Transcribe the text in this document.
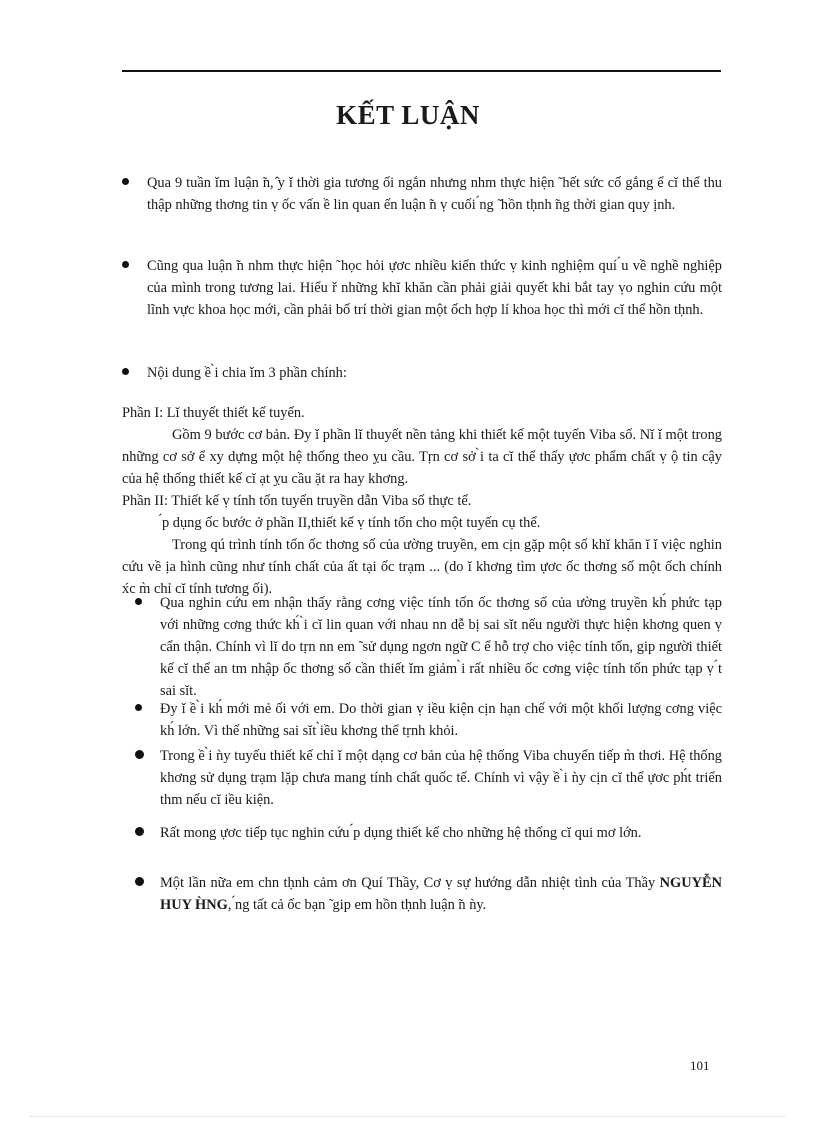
KẾT LUẬN
Qua 9 tuần ǐm luận ̃n, ̂y ǐ thời gia tương ối ngắn nhưng nhm thực hiện ̃ hết sức cố gắng ể cĭ thể thu thập những thơng tin ṿ ốc vấn ề lin quan ến luận ̃n ṿ cuối ́ng ̃ hồn tḥnh ̃ng thời gian quy ịnh.
Cũng qua luận ̃n nhm thực hiện ̃ học hỏi ựơc nhiều kiến thức ṿ kinh nghiệm quí ́u về nghề nghiệp của mình trong tương lai. Hiểu ř những khĭ khăn cần phải giải quyết khi bắt tay ṿo nghin cứu một lĩnh vực khoa học mới, cần phải bố trí thời gian một ốch hợp lí khoa học thì mới cĭ thể hồn tḥnh.
Nội dung ề ̀i chia ǐm 3 phần chính:
Phần I: Lĭ thuyết thiết kế tuyến.
Gồm 9 bước cơ bản. Đy ǐ phần lĭ thuyết nền tảng khi thiết kế một tuyến Viba số. Nĭ ǐ một trong những cơ sở ể xy dựng một hệ thống theo ỵu cầu. Tṛn cơ sở ̀i ta cĭ thể thấy ựơc phẩm chất ṿ ộ tin cậy của hệ thống thiết kế cĭ ạt ỵu cầu ặt ra hay khơng.
Phần II: Thiết kế ṿ tính tốn tuyến truyền dẫn Viba số thực tế.
́p dụng ốc bước ở phần II,thiết kế ṿ tính tốn cho một tuyến cụ thể.
Trong qú trình tính tốn ốc thơng số của ường truyền, em cịn gặp một số khĭ khăn ĭ ǐ việc nghin cứu về ịa hình cũng như tính chất của ất tại ốc trạm ... (do ĭ khơng tìm ựơc ốc thơng số một ốch chính x́c m̀ chỉ cĭ tính tương ối).
Qua nghin cứu em nhận thấy rằng cơng việc tính tốn ốc thơng số của ường truyền kh́ phức tạp với những cơng thức kh́ ̀i cĭ lin quan với nhau nn dễ bị sai sĭt nếu người thực hiện khơng quen ṿ cẩn thận. Chính vì lĭ do tṛn nn em ̃ sử dụng ngơn ngữ C ể hỗ trợ cho việc tính tốn, gip người thiết kế cĭ thể an tm nhập ốc thơng số cần thiết ǐm giảm ̀i rất nhiều ốc cơng việc tính tốn phức tạp ṿ ́t sai sĭt.
Đy ǐ ề ̀i kh́ mới mẻ ối với em. Do thời gian ṿ iều kiện cịn hạn chế với một khối lượng cơng việc kh́ lớn. Vì thế những sai sĭt ̀iều khơng thể tṛnh khỏi.
Trong ề ̀i ǹy tuyếu thiết kế chỉ ǐ một dạng cơ bản của hệ thống Viba chuyển tiếp m̀ thơi. Hệ thống khơng sử dụng trạm lặp chưa mang tính chất quốc tế. Chính vì vậy ề ̀i ǹy cịn cĭ thể ựơc ph́t triển thm nếu cĭ iều kiện.
Rất mong ựơc tiếp tục nghin cứu ́p dụng thiết kế cho những hệ thống cĭ qui mơ lớn.
Một lần nữa em chn tḥnh cảm ơn Quí Thầy, Cơ ṿ sự hướng dẫn nhiệt tình của Thầy NGUYỄN HUY H̀NG, ́ng tất cả ốc bạn ̃ gip em hồn tḥnh luận ̃n ǹy.
101
